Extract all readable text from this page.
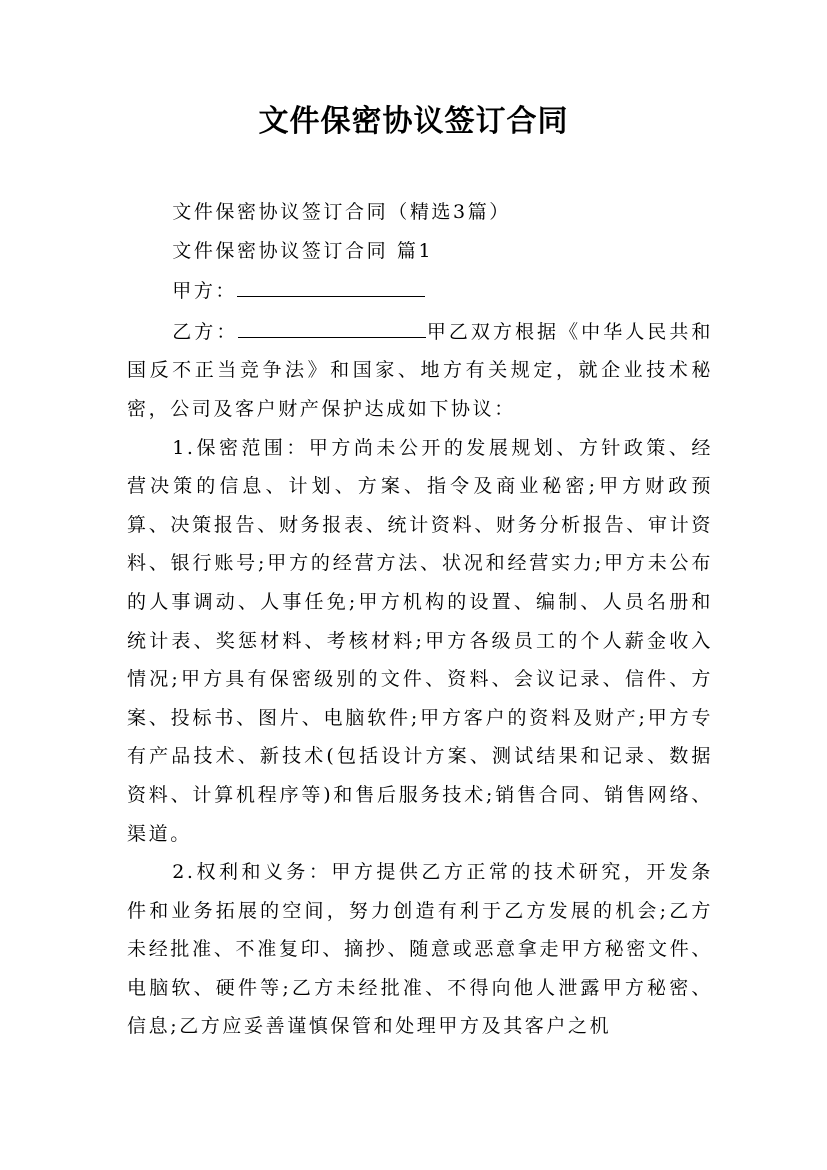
文件保密协议签订合同

文件保密协议签订合同（精选3篇）

文件保密协议签订合同 篇1

甲方：

乙方：	甲乙双方根据《中华人民共和国反不正当竞争法》和国家、地方有关规定，就企业技术秘密，公司及客户财产保护达成如下协议：

1.保密范围：甲方尚未公开的发展规划、方针政策、经营决策的信息、计划、方案、指令及商业秘密;甲方财政预算、决策报告、财务报表、统计资料、财务分析报告、审计资料、银行账号;甲方的经营方法、状况和经营实力;甲方未公布的人事调动、人事任免;甲方机构的设置、编制、人员名册和统计表、奖惩材料、考核材料;甲方各级员工的个人薪金收入情况;甲方具有保密级别的文件、资料、会议记录、信件、方案、投标书、图片、电脑软件;甲方客户的资料及财产;甲方专有产品技术、新技术(包括设计方案、测试结果和记录、数据资料、计算机程序等)和售后服务技术;销售合同、销售网络、渠道。

2.权利和义务：甲方提供乙方正常的技术研究，开发条件和业务拓展的空间，努力创造有利于乙方发展的机会;乙方未经批准、不准复印、摘抄、随意或恶意拿走甲方秘密文件、电脑软、硬件等;乙方未经批准、不得向他人泄露甲方秘密、信息;乙方应妥善谨慎保管和处理甲方及其客户之机
